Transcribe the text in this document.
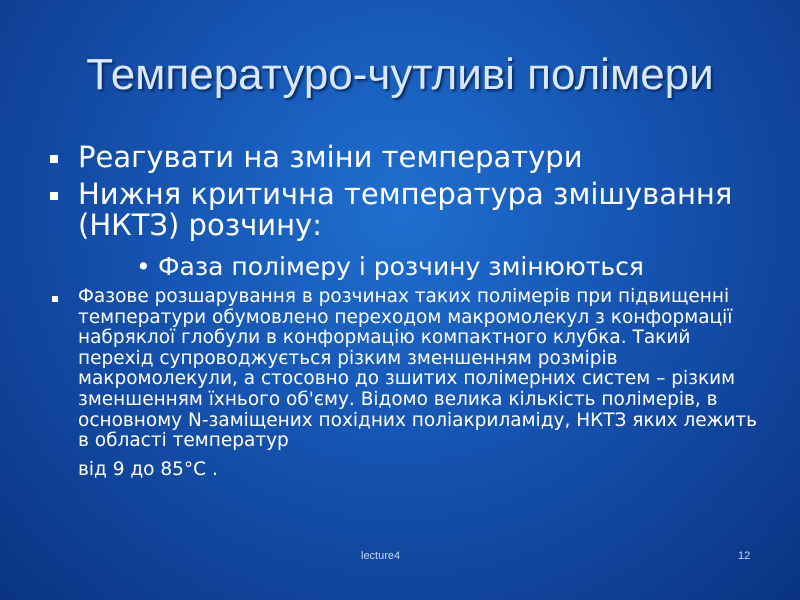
Температуро-чутливі полімери
Реагувати на зміни температури
Нижня критична температура змішування (НКТЗ) розчину:
• Фаза полімеру і розчину змінюються
Фазове розшарування в розчинах таких полімерів при підвищенні температури обумовлено переходом макромолекул з конформації набряклої глобули в конформацію компактного клубка. Такий перехід супроводжується різким зменшенням розмірів макромолекули, а стосовно до зшитих полімерних систем – різким зменшенням їхнього об'єму. Відомо велика кількість полімерів, в основному N-заміщених похідних поліакриламіду, НКТЗ яких лежить в області температур
від 9 до 85°С .
lecture4	12
